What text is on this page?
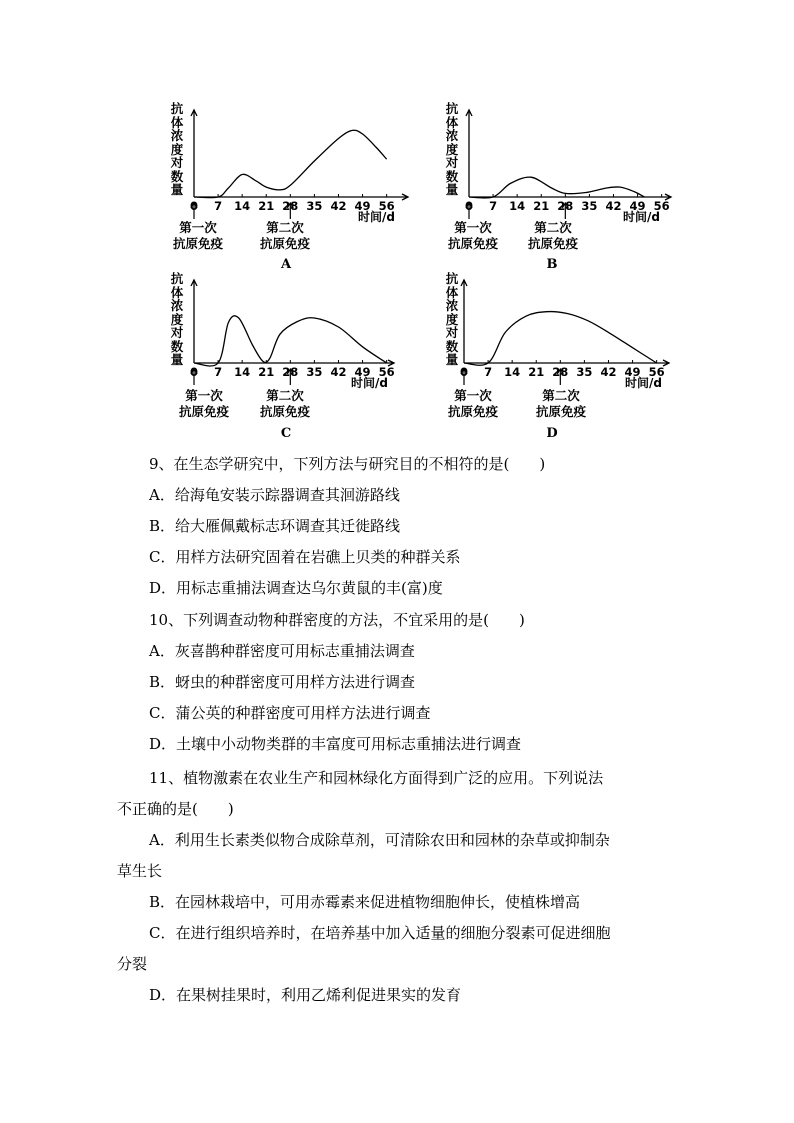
抗
体
浓
度
对
数
量
0 7 14 21 28 35 42 49 56
时间/d
第一次
抗原免疫
第二次
抗原免疫
A
抗
体
浓
度
对
数
量
0 7 14 21 28 35 42 49 56
时间/d
第一次
抗原免疫
第二次
抗原免疫
B
抗
体
浓
度
对
数
量
0 7 14 21 28 35 42 49 56
时间/d
第一次
抗原免疫
第二次
抗原免疫
C
抗
体
浓
度
对
数
量
0 7 14 21 28 35 42 49 56
时间/d
第一次
抗原免疫
第二次
抗原免疫
D
9、在生态学研究中，下列方法与研究目的不相符的是(　　)
A．给海龟安装示踪器调查其洄游路线
B．给大雁佩戴标志环调查其迁徙路线
C．用样方法研究固着在岩礁上贝类的种群关系
D．用标志重捕法调查达乌尔黄鼠的丰(富)度
10、下列调查动物种群密度的方法，不宜采用的是(　　)
A．灰喜鹊种群密度可用标志重捕法调查
B．蚜虫的种群密度可用样方法进行调查
C．蒲公英的种群密度可用样方法进行调查
D．土壤中小动物类群的丰富度可用标志重捕法进行调查
11、植物激素在农业生产和园林绿化方面得到广泛的应用。下列说法
不正确的是(　　)
A．利用生长素类似物合成除草剂，可清除农田和园林的杂草或抑制杂
草生长
B．在园林栽培中，可用赤霉素来促进植物细胞伸长，使植株增高
C．在进行组织培养时，在培养基中加入适量的细胞分裂素可促进细胞
分裂
D．在果树挂果时，利用乙烯利促进果实的发育
